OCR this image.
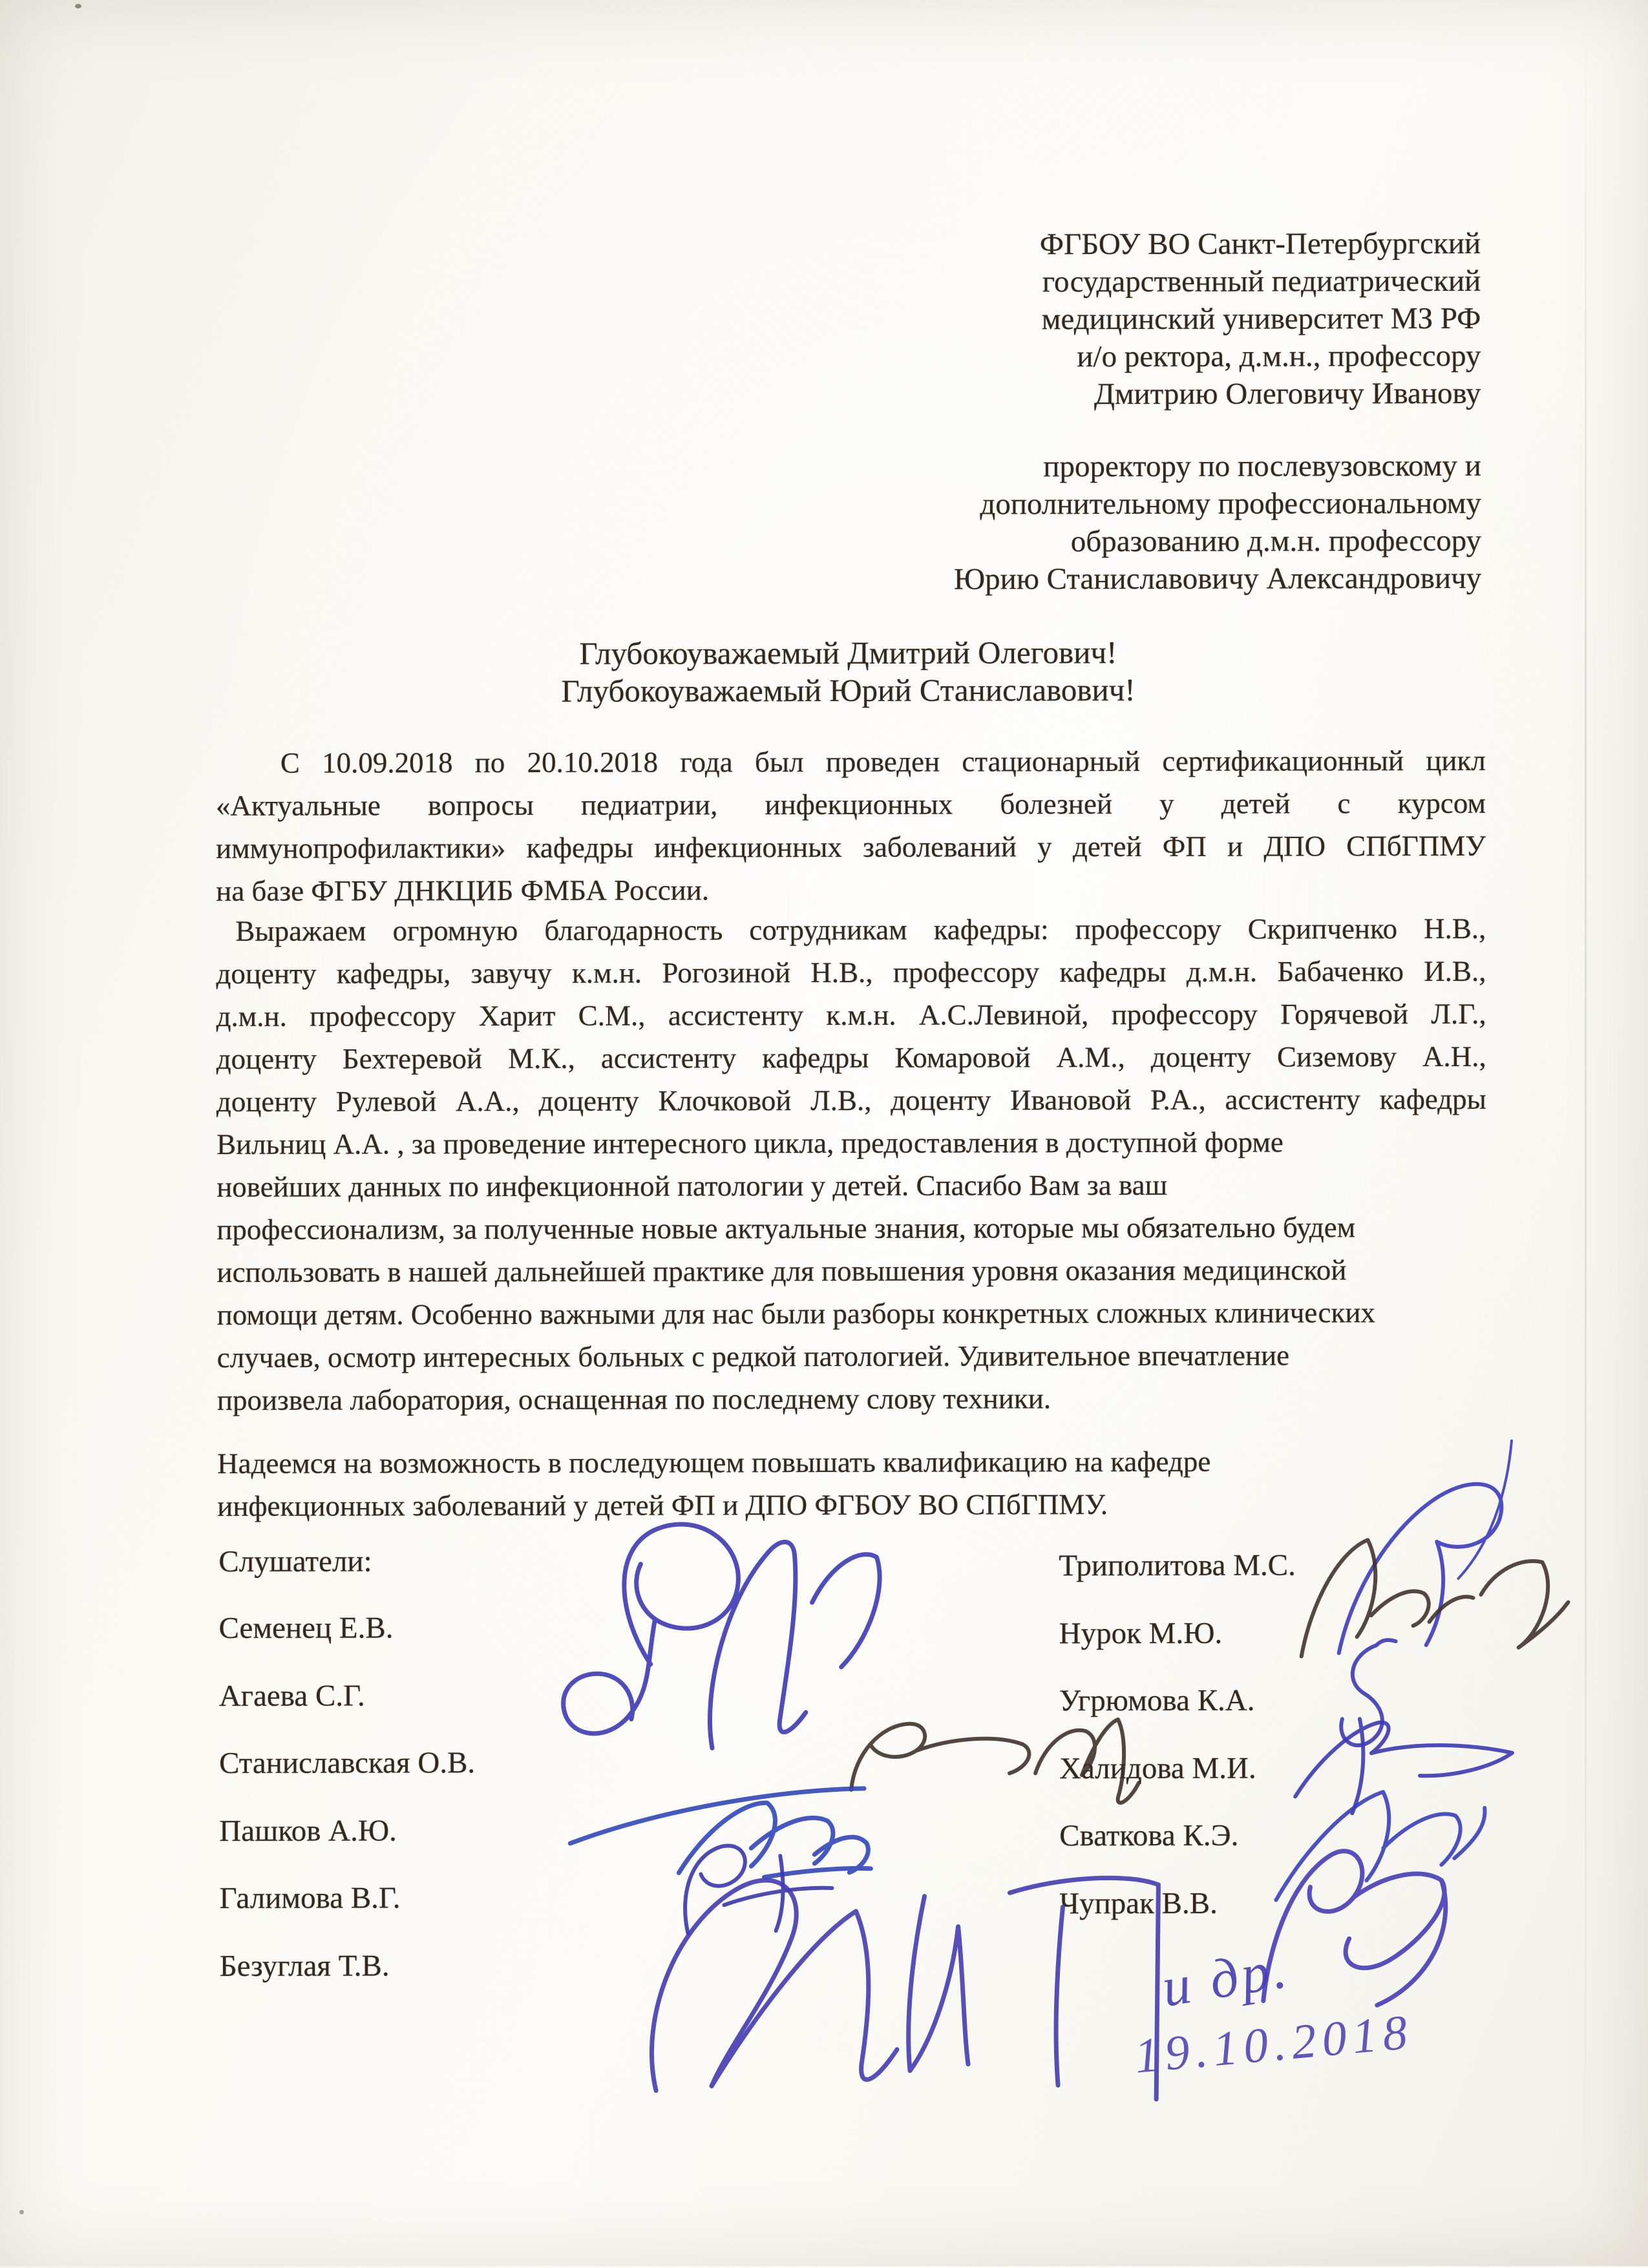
ФГБОУ ВО Санкт-Петербургский
государственный педиатрический
медицинский университет МЗ РФ
и/о ректора, д.м.н., профессору
Дмитрию Олеговичу Иванову
проректору по послевузовскому и
дополнительному профессиональному
образованию д.м.н. профессору
Юрию Станиславовичу Александровичу
Глубокоуважаемый Дмитрий Олегович!
Глубокоуважаемый Юрий Станиславович!
С 10.09.2018 по 20.10.2018 года был проведен стационарный сертификационный цикл
«Актуальные вопросы педиатрии, инфекционных болезней у детей с курсом
иммунопрофилактики» кафедры инфекционных заболеваний у детей ФП и ДПО СПбГПМУ
на базе ФГБУ ДНКЦИБ ФМБА России.
Выражаем огромную благодарность сотрудникам кафедры: профессору Скрипченко Н.В.,
доценту кафедры, завучу к.м.н. Рогозиной Н.В., профессору кафедры д.м.н. Бабаченко И.В.,
д.м.н. профессору Харит С.М., ассистенту к.м.н. А.С.Левиной, профессору Горячевой Л.Г.,
доценту Бехтеревой М.К., ассистенту кафедры Комаровой А.М., доценту Сиземову А.Н.,
доценту Рулевой А.А., доценту Клочковой Л.В., доценту Ивановой Р.А., ассистенту кафедры
Вильниц А.А. , за проведение интересного цикла, предоставления в доступной форме
новейших данных по инфекционной патологии у детей. Спасибо Вам за ваш
профессионализм, за полученные новые актуальные знания, которые мы обязательно будем
использовать в нашей дальнейшей практике для повышения уровня оказания медицинской
помощи детям. Особенно важными для нас были разборы конкретных сложных клинических
случаев, осмотр интересных больных с редкой патологией. Удивительное впечатление
произвела лаборатория, оснащенная по последнему слову техники.
Надеемся на возможность в последующем повышать квалификацию на кафедре
инфекционных заболеваний у детей ФП и ДПО ФГБОУ ВО СПбГПМУ.
Слушатели:
Семенец Е.В.
Агаева С.Г.
Станиславская О.В.
Пашков А.Ю.
Галимова В.Г.
Безуглая Т.В.
Триполитова М.С.
Нурок М.Ю.
Угрюмова К.А.
Халидова М.И.
Сваткова К.Э.
Чупрак В.В.
и др.
19.10.2018
